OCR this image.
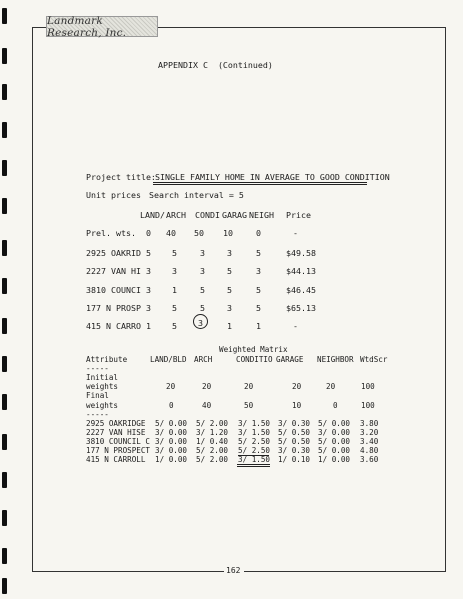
Landmark Research, Inc.
APPENDIX C  (Continued)
Project title: SINGLE FAMILY HOME IN AVERAGE TO GOOD CONDITION
Unit prices Search interval = 5
LAND/ ARCH CONDI GARAG NEIGH Price
Prel. wts. 0 40 50 10	0	-
2925 OAKRID 5	5	3	3	5	$49.58
2227 VAN HI 3	3	3	5	3	$44.13
3810 COUNCI 3	1	5	5	5	$46.45
177 N PROSP 3	5	5	3	5	$65.13
415 N CARRO 1	5	3	1	1	-
Weighted Matrix
Attribute	LAND/BLD ARCH	CONDITIO GARAGE NEIGHBOR WtdScr
-----
Initial
weights	20	20	20	20	20	100
Final
weights	0	40	50	10	0	100
-----
2925 OAKRIDGE 5/ 0.00 5/ 2.00 3/ 1.50 3/ 0.30 5/ 0.00 3.80
2227 VAN HISE 3/ 0.00 3/ 1.20 3/ 1.50 5/ 0.50 3/ 0.00 3.20
3810 COUNCIL C 3/ 0.00 1/ 0.40 5/ 2.50 5/ 0.50 5/ 0.00 3.40
177 N PROSPECT 3/ 0.00 5/ 2.00 5/ 2.50 3/ 0.30 5/ 0.00 4.80
415 N CARROLL 1/ 0.00 5/ 2.00 3/ 1.50 1/ 0.10 1/ 0.00 3.60
162
